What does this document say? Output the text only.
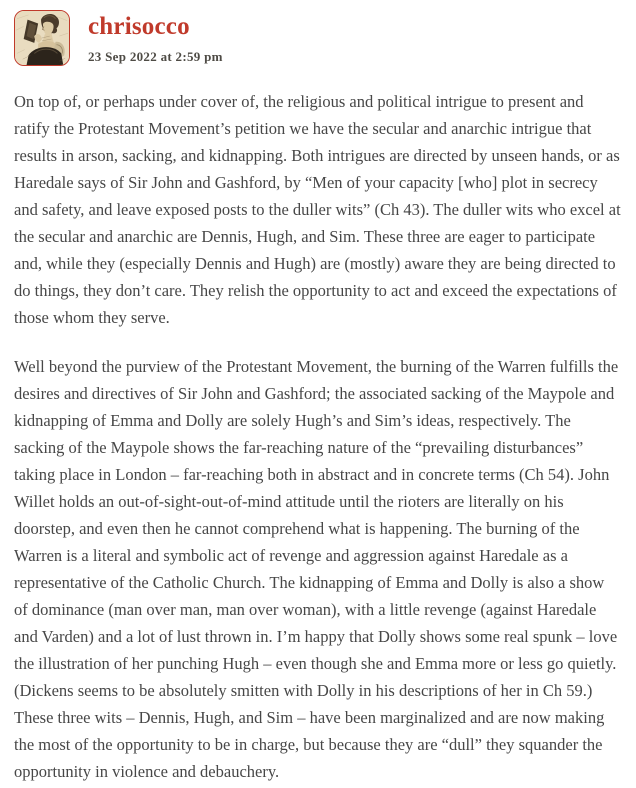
chrisocco
23 Sep 2022 at 2:59 pm

On top of, or perhaps under cover of, the religious and political intrigue to present and ratify the Protestant Movement’s petition we have the secular and anarchic intrigue that results in arson, sacking, and kidnapping. Both intrigues are directed by unseen hands, or as Haredale says of Sir John and Gashford, by “Men of your capacity [who] plot in secrecy and safety, and leave exposed posts to the duller wits” (Ch 43). The duller wits who excel at the secular and anarchic are Dennis, Hugh, and Sim. These three are eager to participate and, while they (especially Dennis and Hugh) are (mostly) aware they are being directed to do things, they don’t care. They relish the opportunity to act and exceed the expectations of those whom they serve.

Well beyond the purview of the Protestant Movement, the burning of the Warren fulfills the desires and directives of Sir John and Gashford; the associated sacking of the Maypole and kidnapping of Emma and Dolly are solely Hugh’s and Sim’s ideas, respectively. The sacking of the Maypole shows the far-reaching nature of the “prevailing disturbances” taking place in London – far-reaching both in abstract and in concrete terms (Ch 54). John Willet holds an out-of-sight-out-of-mind attitude until the rioters are literally on his doorstep, and even then he cannot comprehend what is happening. The burning of the Warren is a literal and symbolic act of revenge and aggression against Haredale as a representative of the Catholic Church. The kidnapping of Emma and Dolly is also a show of dominance (man over man, man over woman), with a little revenge (against Haredale and Varden) and a lot of lust thrown in. I’m happy that Dolly shows some real spunk – love the illustration of her punching Hugh – even though she and Emma more or less go quietly. (Dickens seems to be absolutely smitten with Dolly in his descriptions of her in Ch 59.) These three wits – Dennis, Hugh, and Sim – have been marginalized and are now making the most of the opportunity to be in charge, but because they are “dull” they squander the opportunity in violence and debauchery.
